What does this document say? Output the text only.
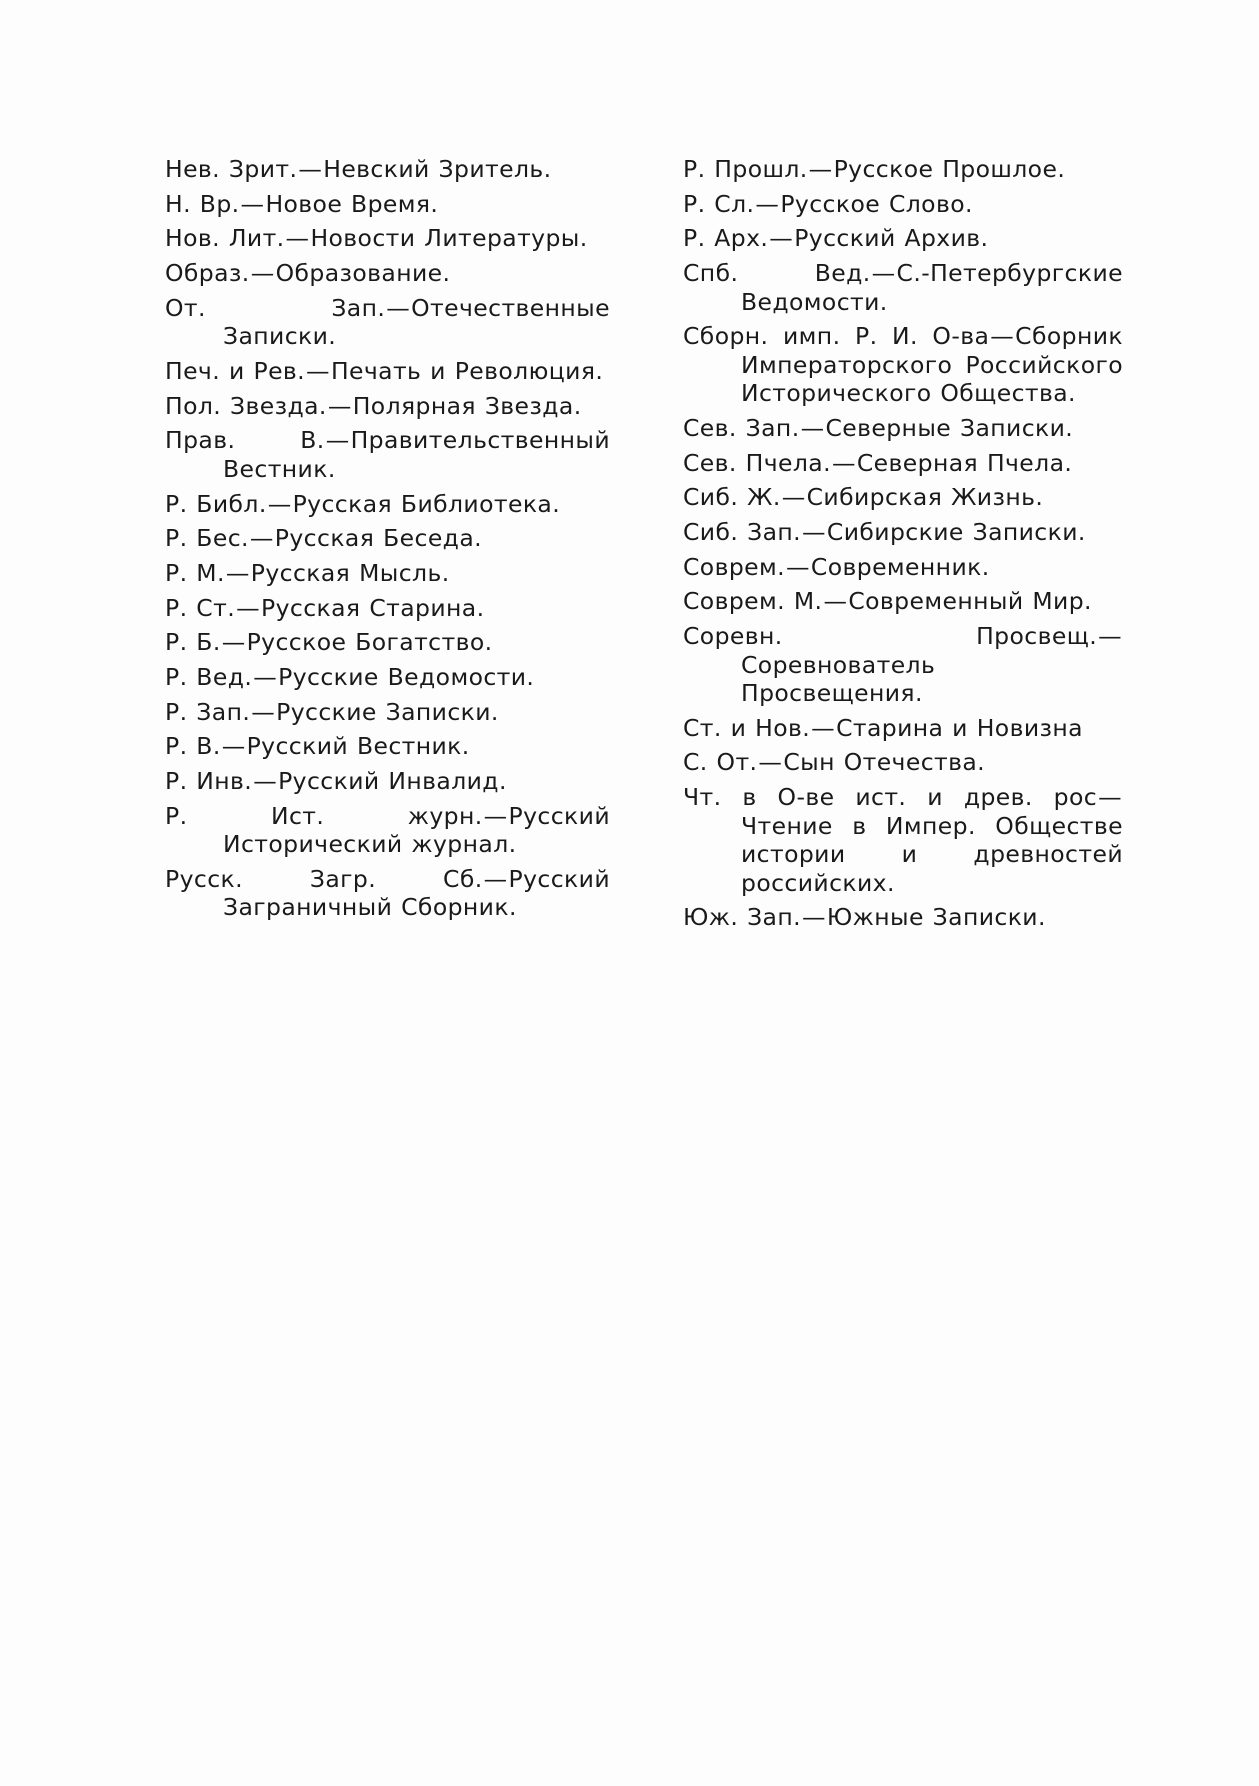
Нев. Зрит.—Невский Зритель.

Н. Вр.—Новое Время.

Нов. Лит.—Новости Литературы.

Образ.—Образование.

От. Зап.—Отечественные Записки.

Печ. и Рев.—Печать и Революция.

Пол. Звезда.—Полярная Звезда.

Прав. В.—Правительственный Вестник.

Р. Библ.—Русская Библиотека.

Р. Бес.—Русская Беседа.

Р. М.—Русская Мысль.

Р. Ст.—Русская Старина.

Р. Б.—Русское Богатство.

Р. Вед.—Русские Ведомости.

Р. Зап.—Русские Записки.

Р. В.—Русский Вестник.

Р. Инв.—Русский Инвалид.

Р. Ист. журн.—Русский Исторический журнал.

Русск. Загр. Сб.—Русский Заграничный Сборник.

Р. Прошл.—Русское Прошлое.

Р. Сл.—Русское Слово.

Р. Арх.—Русский Архив.

Спб. Вед.—С.-Петербургские Ведомости.

Сборн. имп. Р. И. О-ва—Сборник Императорского Российского Исторического Общества.

Сев. Зап.—Северные Записки.

Сев. Пчела.—Северная Пчела.

Сиб. Ж.—Сибирская Жизнь.

Сиб. Зап.—Сибирские Записки.

Соврем.—Современник.

Соврем. М.—Современный Мир.

Соревн. Просвещ.—Соревнователь Просвещения.

Ст. и Нов.—Старина и Новизна

С. От.—Сын Отечества.

Чт. в О-ве ист. и древ. рос—Чтение в Импер. Обществе истории и древностей российских.

Юж. Зап.—Южные Записки.
